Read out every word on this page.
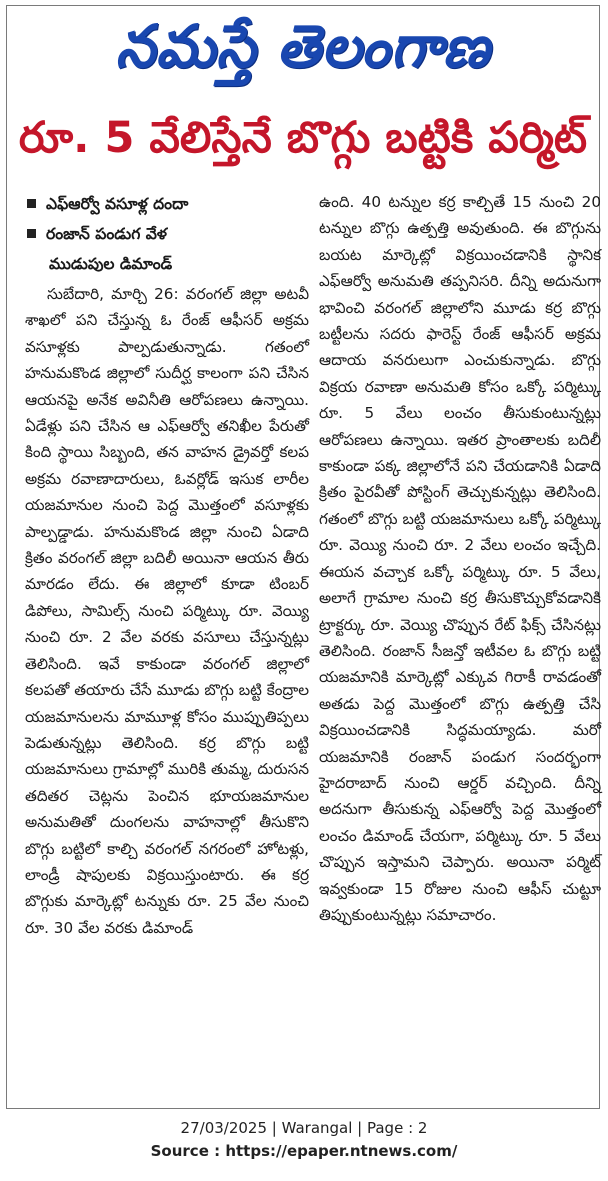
నమస్తే తెలంగాణ
రూ. 5 వేలిస్తేనే బొగ్గు బట్టికి పర్మిట్
ఎఫ్ఆర్వో వసూళ్ల దందా
రంజాన్ పండుగ వేళ
ముడుపుల డిమాండ్

సుబేదారి, మార్చి 26: వరంగల్ జిల్లా అటవీ శాఖలో పని చేస్తున్న ఓ రేంజ్ ఆఫీసర్ అక్రమ వసూళ్లకు పాల్పడుతున్నాడు. గతంలో హనుమకొండ జిల్లాలో సుదీర్ఘ కాలంగా పని చేసిన ఆయనపై అనేక అవినీతి ఆరోపణలు ఉన్నాయి. ఏడేళ్లు పని చేసిన ఆ ఎఫ్ఆర్వో తనిఖీల పేరుతో కింది స్థాయి సిబ్బంది, తన వాహన డ్రైవర్తో కలప అక్రమ రవాణాదారులు, ఓవర్లోడ్ ఇసుక లారీల యజమానుల నుంచి పెద్ద మొత్తంలో వసూళ్లకు పాల్పడ్డాడు. హనుమకొండ జిల్లా నుంచి ఏడాది క్రితం వరంగల్ జిల్లా బదిలీ అయినా ఆయన తీరు మారడం లేదు. ఈ జిల్లాలో కూడా టింబర్ డిపోలు, సామిల్స్ నుంచి పర్మిట్కు రూ. వెయ్యి నుంచి రూ. 2 వేల వరకు వసూలు చేస్తున్నట్లు తెలిసింది. ఇవే కాకుండా వరంగల్ జిల్లాలో కలపతో తయారు చేసే మూడు బొగ్గు బట్టి కేంద్రాల యజమానులను మామూళ్ల కోసం ముప్పుతిప్పలు పెడుతున్నట్లు తెలిసింది. కర్ర బొగ్గు బట్టి యజమానులు గ్రామాల్లో మురికి తుమ్మ, దురుసన తదితర చెట్లను పెంచిన భూయజమానుల అనుమతితో దుంగలను వాహనాల్లో తీసుకొని బొగ్గు బట్టిలో కాల్చి వరంగల్ నగరంలో హోటళ్లు, లాండ్రీ షాపులకు విక్రయిస్తుంటారు. ఈ కర్ర బొగ్గుకు మార్కెట్లో టన్నుకు రూ. 25 వేల నుంచి రూ. 30 వేల వరకు డిమాండ్

ఉంది. 40 టన్నుల కర్ర కాల్చితే 15 నుంచి 20 టన్నుల బొగ్గు ఉత్పత్తి అవుతుంది. ఈ బొగ్గును బయట మార్కెట్లో విక్రయించడానికి స్థానిక ఎఫ్ఆర్వో అనుమతి తప్పనిసరి. దీన్ని అదునుగా భావించి వరంగల్ జిల్లాలోని మూడు కర్ర బొగ్గు బట్టీలను సదరు ఫారెస్ట్ రేంజ్ ఆఫీసర్ అక్రమ ఆదాయ వనరులుగా ఎంచుకున్నాడు. బొగ్గు విక్రయ రవాణా అనుమతి కోసం ఒక్కో పర్మిట్కు రూ. 5 వేలు లంచం తీసుకుంటున్నట్లు ఆరోపణలు ఉన్నాయి. ఇతర ప్రాంతాలకు బదిలీ కాకుండా పక్క జిల్లాలోనే పని చేయడానికి ఏడాది క్రితం పైరవీతో పోస్టింగ్ తెచ్చుకున్నట్లు తెలిసింది. గతంలో బొగ్గు బట్టి యజమానులు ఒక్కో పర్మిట్కు రూ. వెయ్యి నుంచి రూ. 2 వేలు లంచం ఇచ్చేది. ఈయన వచ్చాక ఒక్కో పర్మిట్కు రూ. 5 వేలు, అలాగే గ్రామాల నుంచి కర్ర తీసుకొచ్చుకోవడానికి ట్రాక్టర్కు రూ. వెయ్యి చొప్పున రేట్ ఫిక్స్ చేసినట్లు తెలిసింది. రంజాన్ సీజన్తో ఇటీవల ఓ బొగ్గు బట్టి యజమానికి మార్కెట్లో ఎక్కువ గిరాకీ రావడంతో అతడు పెద్ద మొత్తంలో బొగ్గు ఉత్పత్తి చేసి విక్రయించడానికి సిద్ధమయ్యాడు. మరో యజమానికి రంజాన్ పండుగ సందర్భంగా హైదరాబాద్ నుంచి ఆర్డర్ వచ్చింది. దీన్ని అదనుగా తీసుకున్న ఎఫ్ఆర్వో పెద్ద మొత్తంలో లంచం డిమాండ్ చేయగా, పర్మిట్కు రూ. 5 వేలు చొప్పున ఇస్తామని చెప్పారు. అయినా పర్మిట్ ఇవ్వకుండా 15 రోజుల నుంచి ఆఫీస్ చుట్టూ తిప్పుకుంటున్నట్లు సమాచారం.

27/03/2025 | Warangal | Page : 2
Source : https://epaper.ntnews.com/
